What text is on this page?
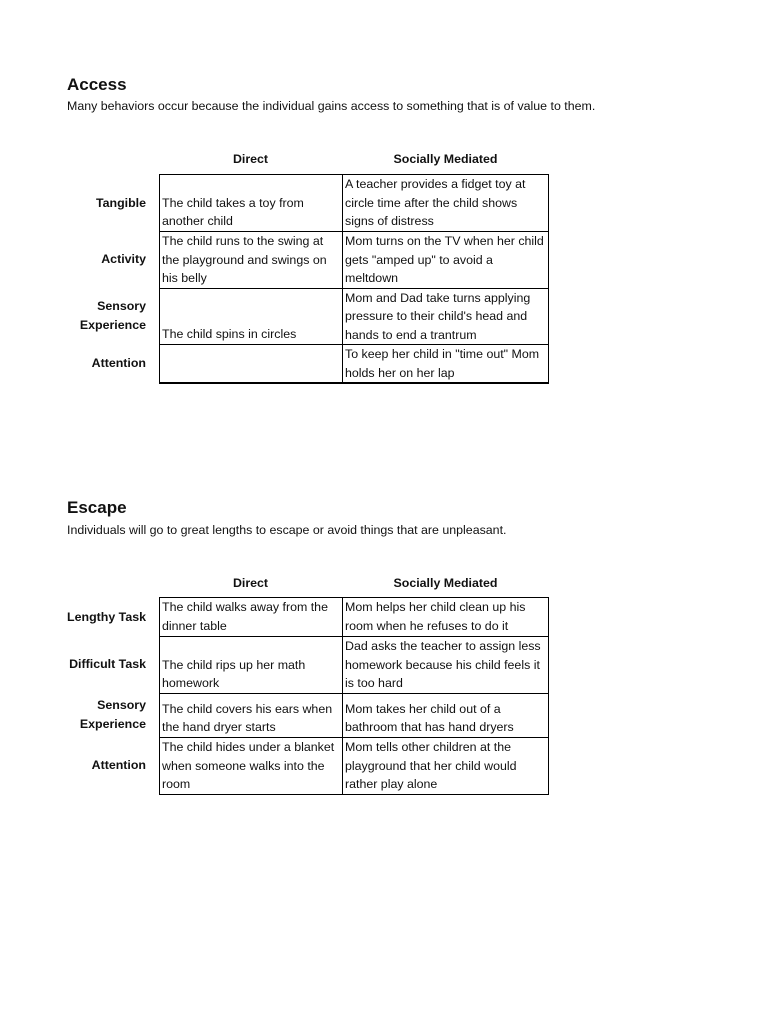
Access

Many behaviors occur because the individual gains access to something that is of value to them.

Direct	Socially Mediated
Tangible
Activity
Sensory Experience
Attention
The child takes a toy from another child
A teacher provides a fidget toy at circle time after the child shows signs of distress
The child runs to the swing at the playground and swings on his belly
Mom turns on the TV when her child gets "amped up" to avoid a meltdown
The child spins in circles
Mom and Dad take turns applying pressure to their child's head and hands to end a trantrum
To keep her child in "time out" Mom holds her on her lap
Escape

Individuals will go to great lengths to escape or avoid things that are unpleasant.

Direct	Socially Mediated
Lengthy Task
Difficult Task
Sensory Experience
Attention
The child walks away from the dinner table
Mom helps her child clean up his room when he refuses to do it
The child rips up her math homework
Dad asks the teacher to assign less homework because his child feels it is too hard
The child covers his ears when the hand dryer starts
Mom takes her child out of a bathroom that has hand dryers
The child hides under a blanket when someone walks into the room
Mom tells other children at the playground that her child would rather play alone
